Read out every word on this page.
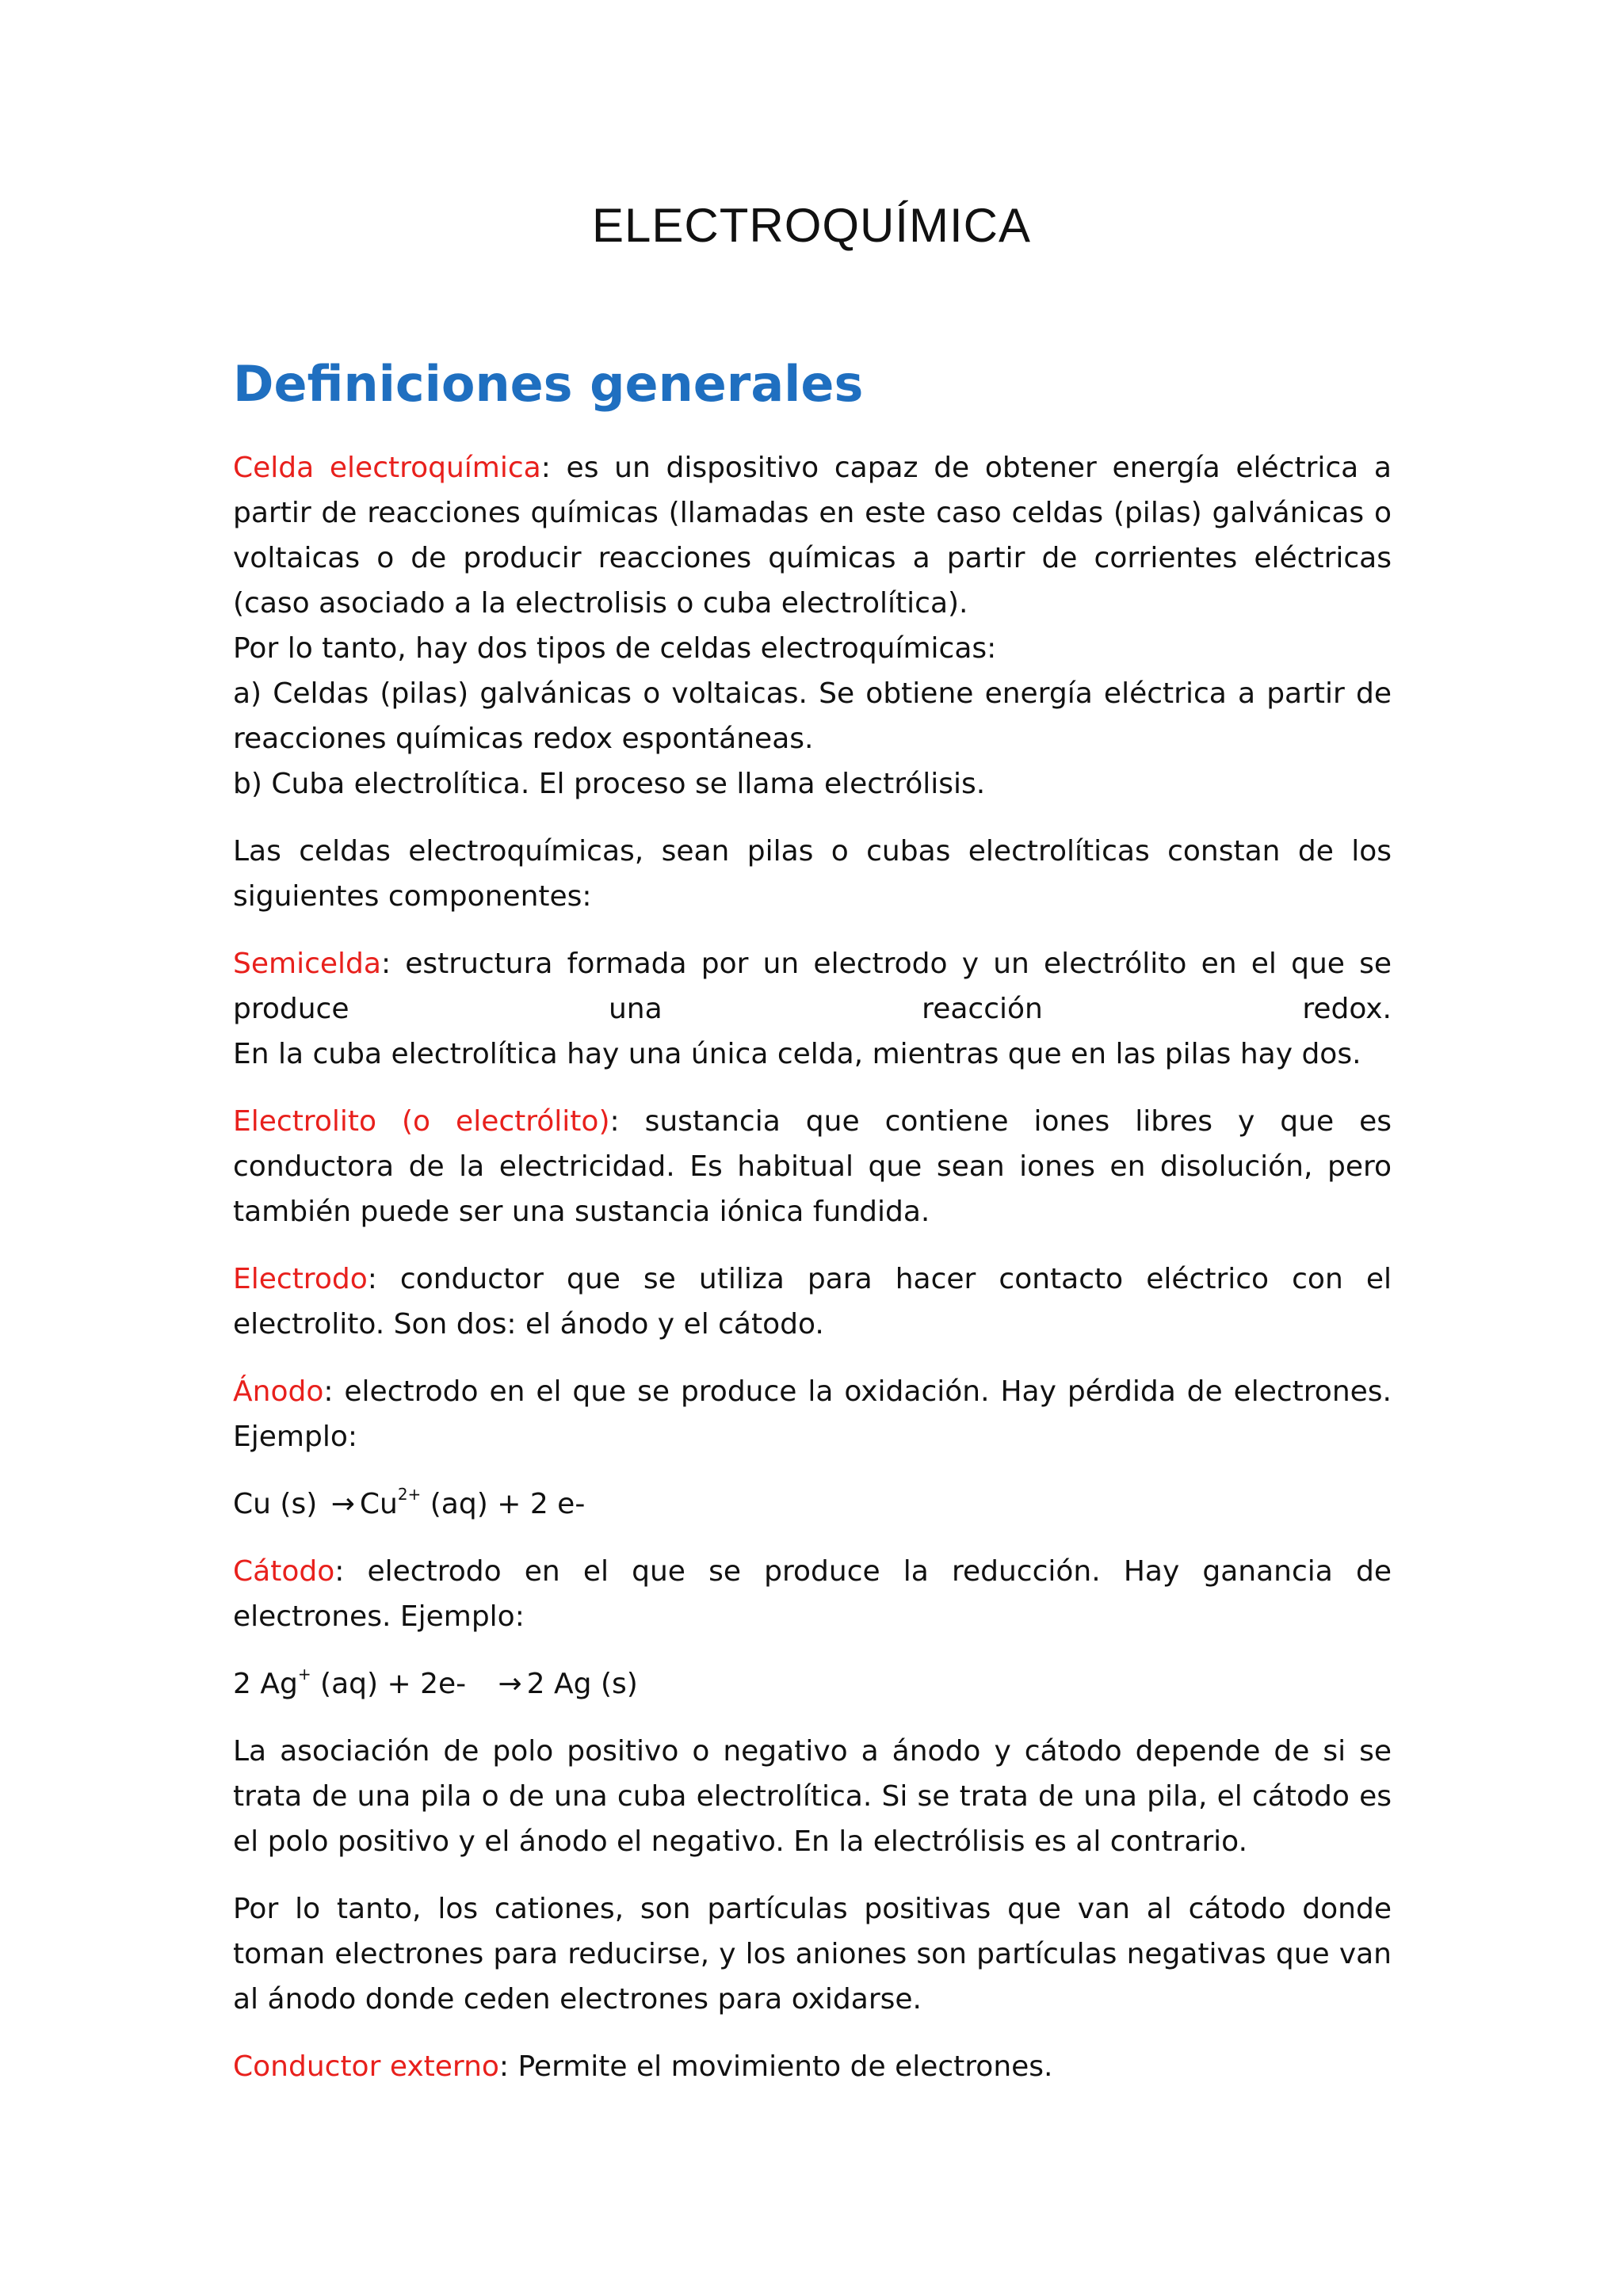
ELECTROQUÍMICA
Definiciones generales

Celda electroquímica: es un dispositivo capaz de obtener energía eléctrica a partir de reacciones químicas (llamadas en este caso celdas (pilas) galvánicas o voltaicas o de producir reacciones químicas a partir de corrientes eléctricas (caso asociado a la electrolisis o cuba electrolítica).

Por lo tanto, hay dos tipos de celdas electroquímicas:

a) Celdas (pilas) galvánicas o voltaicas. Se obtiene energía eléctrica a partir de reacciones químicas redox espontáneas.

b) Cuba electrolítica. El proceso se llama electrólisis.

Las celdas electroquímicas, sean pilas o cubas electrolíticas constan de los siguientes componentes:

Semicelda: estructura formada por un electrodo y un electrólito en el que se produce una reacción redox.

En la cuba electrolítica hay una única celda, mientras que en las pilas hay dos.

Electrolito (o electrólito): sustancia que contiene iones libres y que es conductora de la electricidad. Es habitual que sean iones en disolución, pero también puede ser una sustancia iónica fundida.

Electrodo: conductor que se utiliza para hacer contacto eléctrico con el electrolito. Son dos: el ánodo y el cátodo.

Ánodo: electrodo en el que se produce la oxidación. Hay pérdida de electrones. Ejemplo:

Cu $(s) \to Cu^{2+}$ (aq) + 2 e-

Cátodo: electrodo en el que se produce la reducción. Hay ganancia de electrones. Ejemplo:

2 Ag+ (aq) + 2e- → 2 Ag (s)

La asociación de polo positivo o negativo a ánodo y cátodo depende de si se trata de una pila o de una cuba electrolítica. Si se trata de una pila, el cátodo es el polo positivo y el ánodo el negativo. En la electrólisis es al contrario.

Por lo tanto, los cationes, son partículas positivas que van al cátodo donde toman electrones para reducirse, y los aniones son partículas negativas que van al ánodo donde ceden electrones para oxidarse.

Conductor externo: Permite el movimiento de electrones.
